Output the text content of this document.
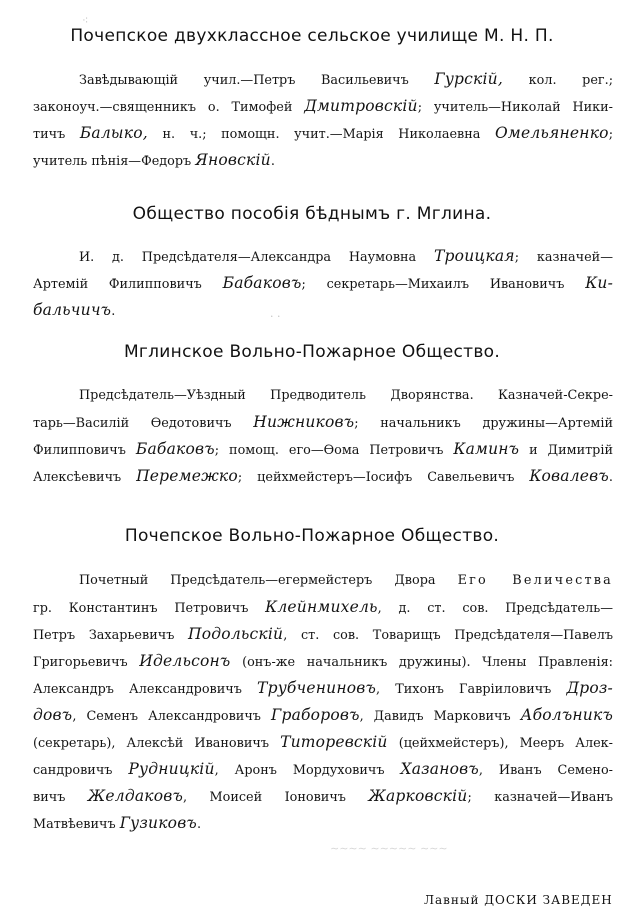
⁖
· ·
∼∼∼∼ ∼∼∼∼∼ ∼∼∼
Почепское двухклассное сельское училище М. Н. П.
Завѣдывающій учил.—Петръ Васильевичъ Гурскій, кол. рег.;
законоуч.—священникъ о. Тимофей Дмитровскій; учитель—Николай Ники-
тичъ Балыко, н. ч.; помощн. учит.—Марія Николаевна Омельяненко;
учитель пѣнія—Федоръ Яновскій.
Общество пособія бѣднымъ г. Мглина.
И. д. Предсѣдателя—Александра Наумовна Троицкая; казначей—
Артемій Филипповичъ Бабаковъ; секретарь—Михаилъ Ивановичъ Ки-
бальчичъ.
Мглинское Вольно-Пожарное Общество.
Предсѣдатель—Уѣздный Предводитель Дворянства. Казначей-Секре-
тарь—Василій Ѳедотовичъ Нижниковъ; начальникъ дружины—Артемій
Филипповичъ Бабаковъ; помощ. его—Ѳома Петровичъ Каминъ и Димитрій
Алексѣевичъ Перемежко; цейхмейстеръ—Іосифъ Савельевичъ Ковалевъ.
Почепское Вольно-Пожарное Общество.
Почетный Предсѣдатель—егермейстеръ Двора Его Величества
гр. Константинъ Петровичъ Клейнмихель, д. ст. сов. Предсѣдатель—
Петръ Захарьевичъ Подольскій, ст. сов. Товарищъ Предсѣдателя—Павелъ
Григорьевичъ Идельсонъ (онъ-же начальникъ дружины). Члены Правленія:
Александръ Александровичъ Трубчениновъ, Тихонъ Гавріиловичъ Дроз-
довъ, Семенъ Александровичъ Граборовъ, Давидъ Марковичъ Аболъникъ
(секретарь), Алексѣй Ивановичъ Титоревскій (цейхмейстеръ), Мееръ Алек-
сандровичъ Рудницкій, Аронъ Мордуховичъ Хазановъ, Иванъ Семено-
вичъ Желдаковъ, Моисей Іоновичъ Жарковскій; казначей—Иванъ
Матвѣевичъ Гузиковъ.
Лавный ДОСКИ ЗАВЕДЕН
